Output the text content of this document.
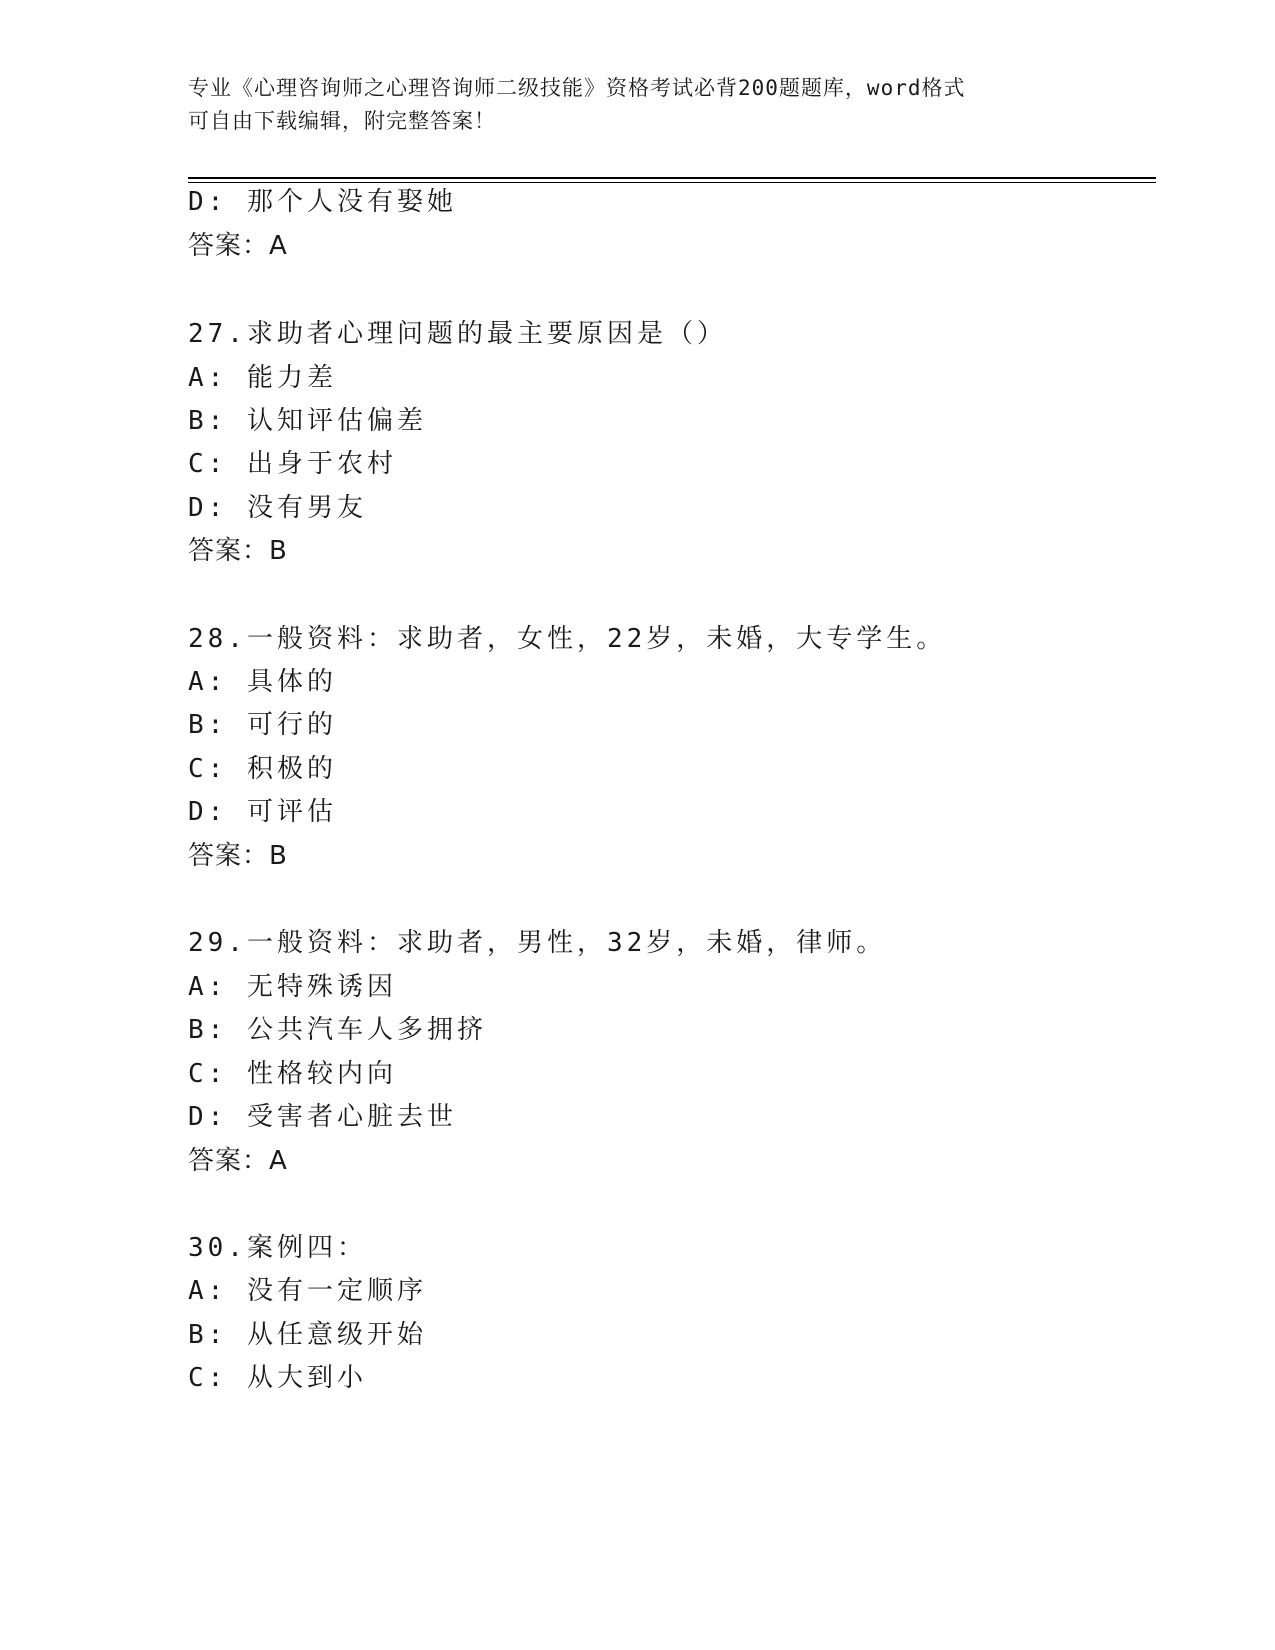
专业《心理咨询师之心理咨询师二级技能》资格考试必背200题题库，word格式
可自由下载编辑，附完整答案！
D: 那个人没有娶她
答案：A
27.求助者心理问题的最主要原因是（）
A: 能力差
B: 认知评估偏差
C: 出身于农村
D: 没有男友
答案：B
28.一般资料：求助者，女性，22岁，未婚，大专学生。
A: 具体的
B: 可行的
C: 积极的
D: 可评估
答案：B
29.一般资料：求助者，男性，32岁，未婚，律师。
A: 无特殊诱因
B: 公共汽车人多拥挤
C: 性格较内向
D: 受害者心脏去世
答案：A
30.案例四：
A: 没有一定顺序
B: 从任意级开始
C: 从大到小
